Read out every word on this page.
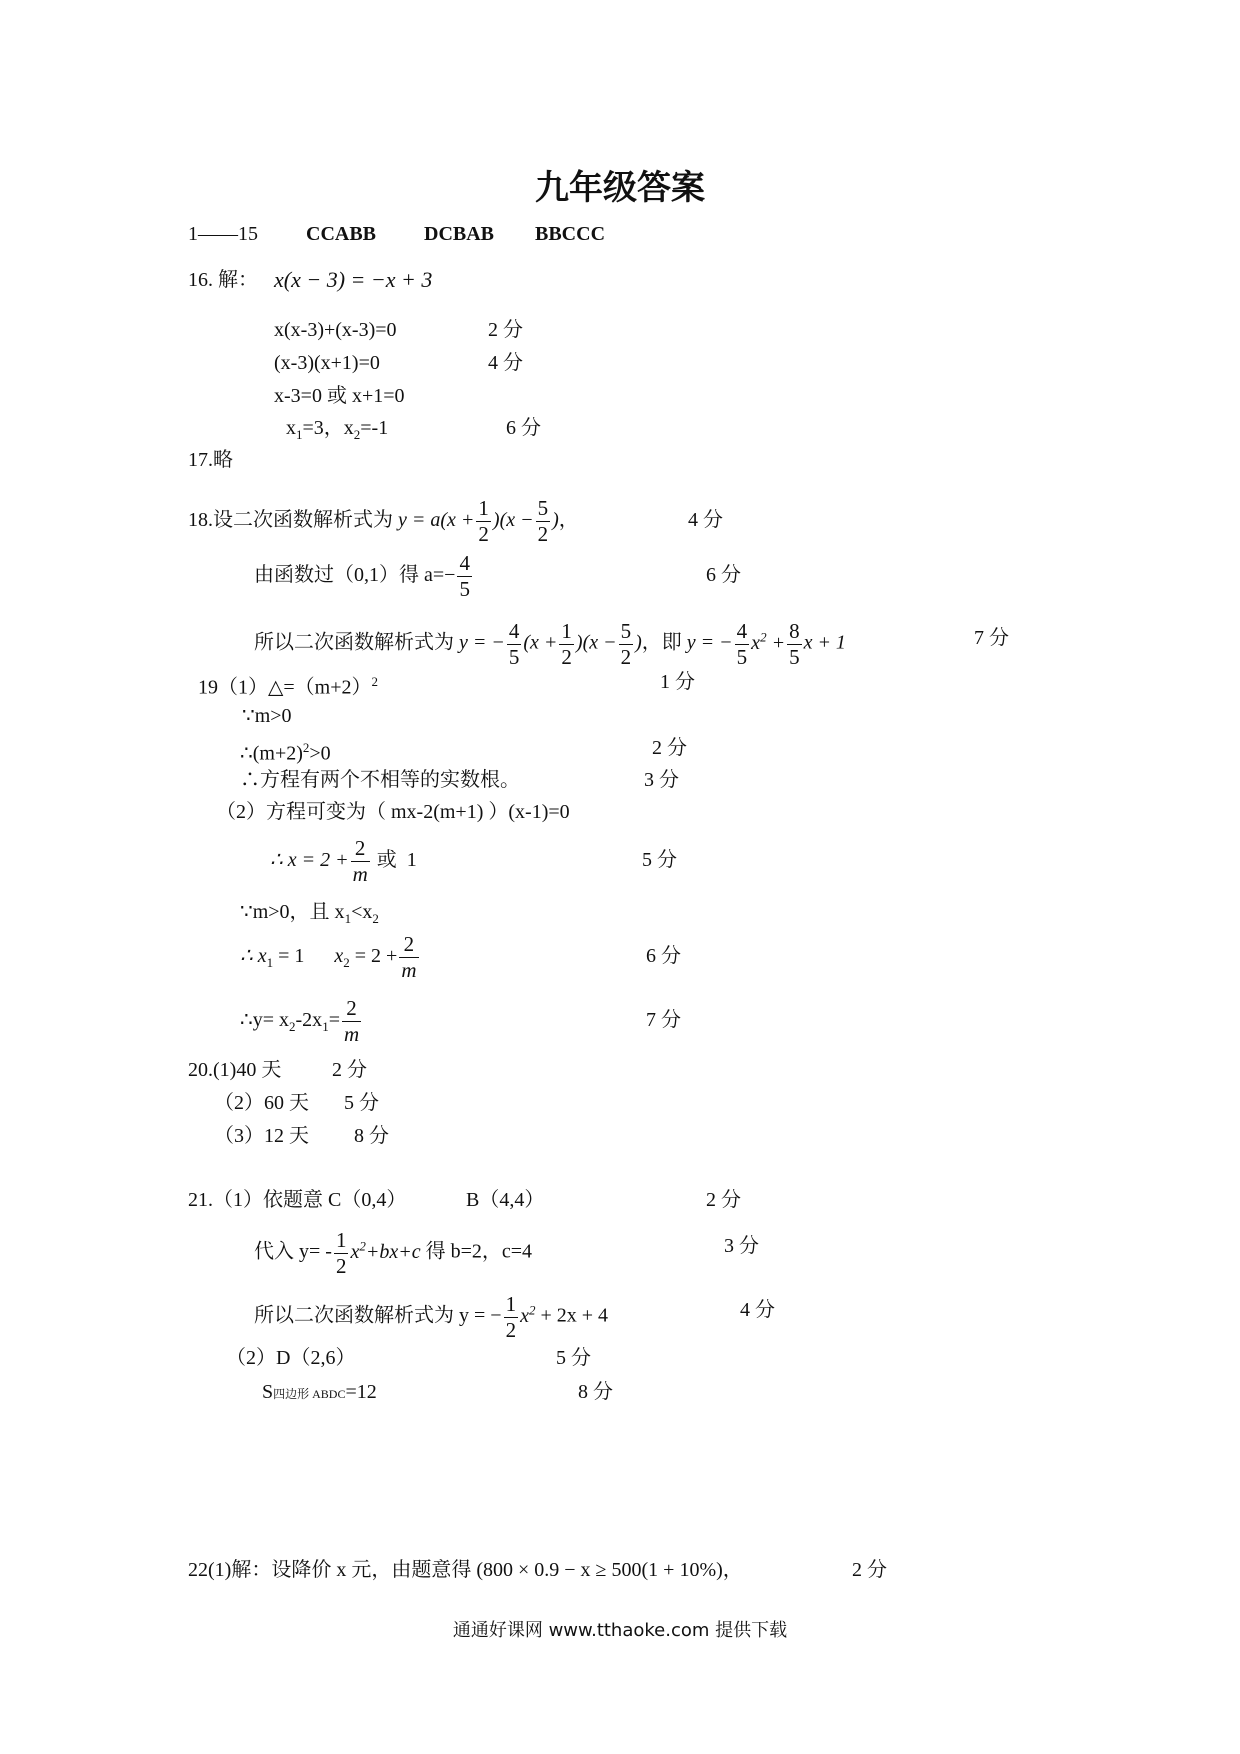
九年级答案
1——15 CCABB DCBAB BBCCC
16. 解： x(x − 3) = −x + 3
x(x-3)+(x-3)=0	2 分
(x-3)(x+1)=0	4 分
x-3=0 或 x+1=0
$x_1=3$，$x_2=-1$	6 分
17.略
18.设二次函数解析式为 $y = a(x + \frac{1}{2} )(x - \frac{5}{2}$ )，	4 分
由函数过（0,1）得 $a=- \frac{4}{5}$	6 分
所以二次函数解析式为 y = − $\frac{4}{5} (x + \frac{1}{2} )(x - \frac{5}{2}$ )，即 y = − $\frac{4}{5} x^2 + \frac{8}{5}$ x + 1	7 分
$19(1)\triangle=(m+2)^2$	1 分
∵m>0
$\therefore(m+2)^2>0$	2 分
∴方程有两个不相等的实数根。	3 分
（2）方程可变为（ mx-2(m+1) ）(x-1)=0
∴ $x = 2 + \frac{2}{m}$ 或 1	5 分
∵m>0，且 $x_1<x_2$
∴ $x_1 = 1$ $x_2 = 2 + \frac{2}{m}$	6 分
∴y= $x_2-2x_1= \frac{2}{m}$	7 分
20.(1)40 天	2 分
（2）60 天 5 分
（3）12 天 8 分
21.（1）依题意 C（0,4）	B（4,4）	2 分
代入 $y= - \frac{1}{2} x^2+bx+c$ 得 b=2，c=4	3 分
所以二次函数解析式为 y = − $\frac{1}{2} x^2 + 2x + 4$	4 分
（2）D（2,6）	5 分
S四边形 ABDC=12	8 分
22(1)解：设降价 x 元，由题意得 (800 × 0.9 − x ≥ 500(1 + 10%)，	2 分
通通好课网 www.tthaoke.com 提供下载
